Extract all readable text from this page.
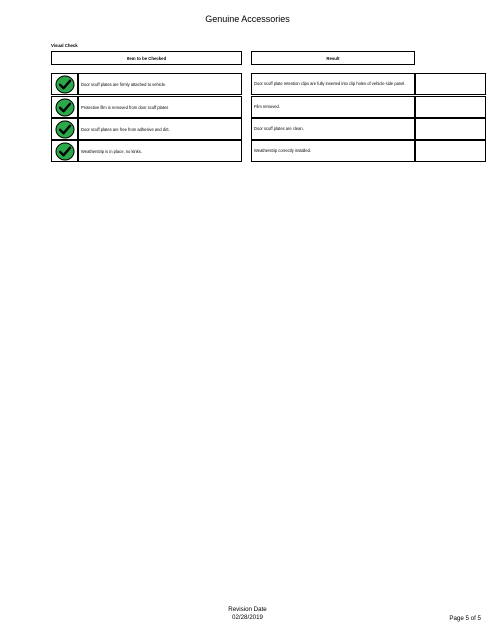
Genuine Accessories
Visual Check
Item to be Checked	Result
Door scuff plates are firmly attached to vehicle.	Door scuff plate retention clips are fully inserted into clip holes of vehicle side panel.
Protective film is removed from door scuff plates	Film removed.
Door scuff plates are free from adhesive and dirt.	Door scuff plates are clean.
Weatherstrip is in place, no kinks.	Weatherstrip correctly installed.
Revision Date
02/28/2019	Page 5 of 5
